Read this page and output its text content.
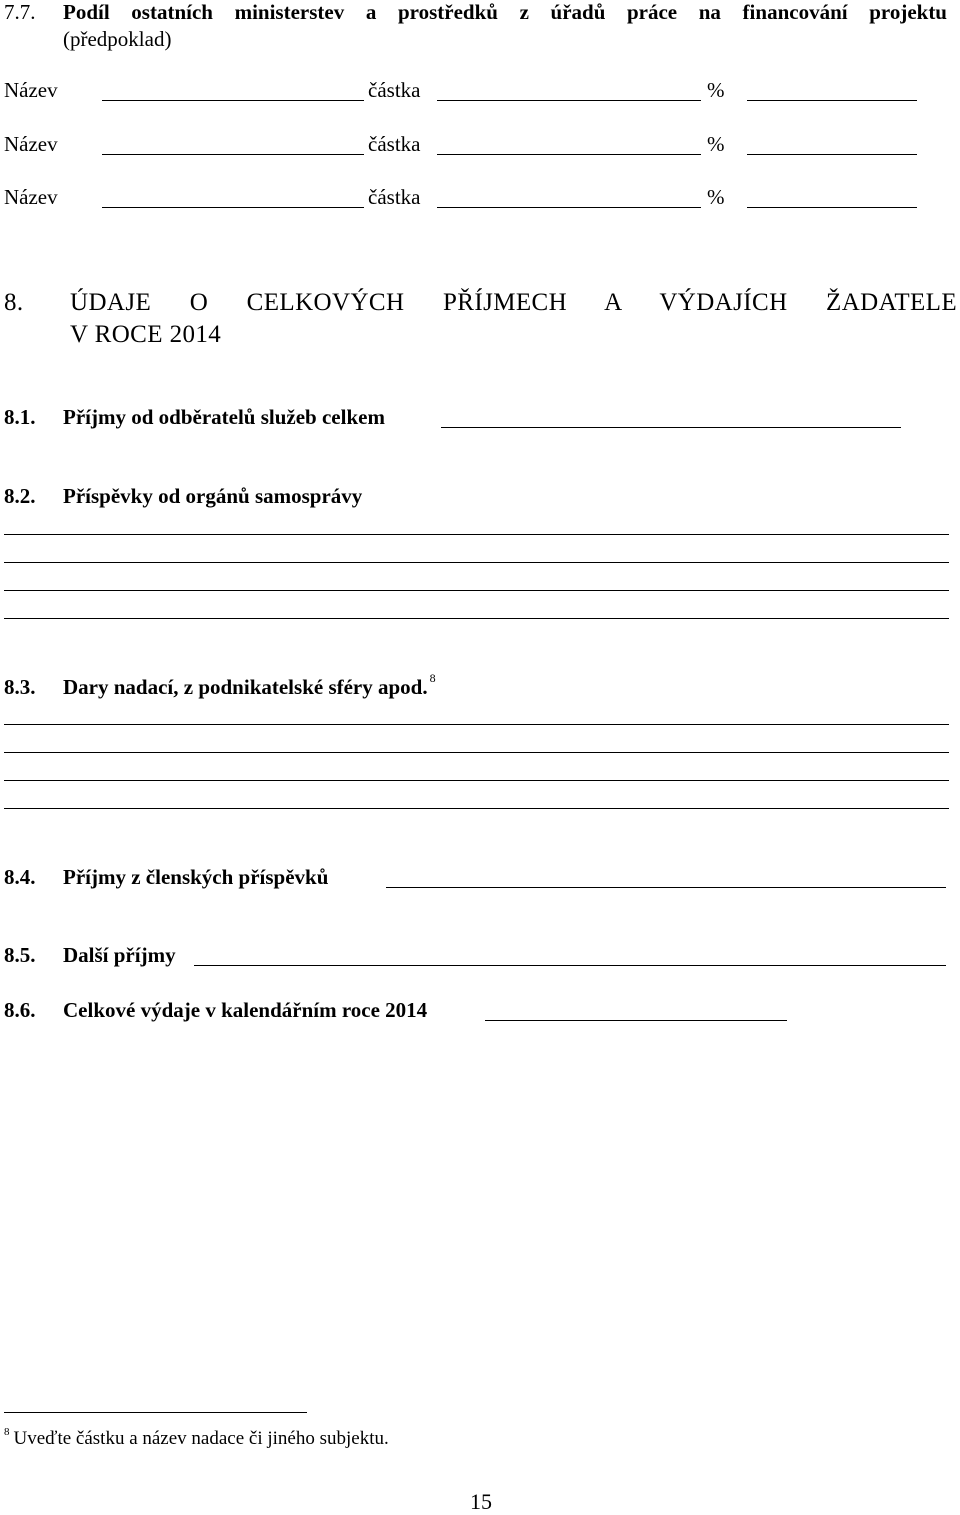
7.7. Podíl ostatních ministerstev a prostředků z úřadů práce na financování projektu
(předpoklad)
Název	částka	%
Název	částka	%
Název	částka	%
8. ÚDAJE O CELKOVÝCH PŘÍJMECH A VÝDAJÍCH ŽADATELE
V ROCE 2014
8.1. Příjmy od odběratelů služeb celkem
8.2. Příspěvky od orgánů samosprávy
8.3. Dary nadací, z podnikatelské sféry apod. $^8$
8.4. Příjmy z členských příspěvků
8.5. Další příjmy
8.6. Celkové výdaje v kalendářním roce 2014
$^8$ Uveďte částku a název nadace či jiného subjektu.
15
